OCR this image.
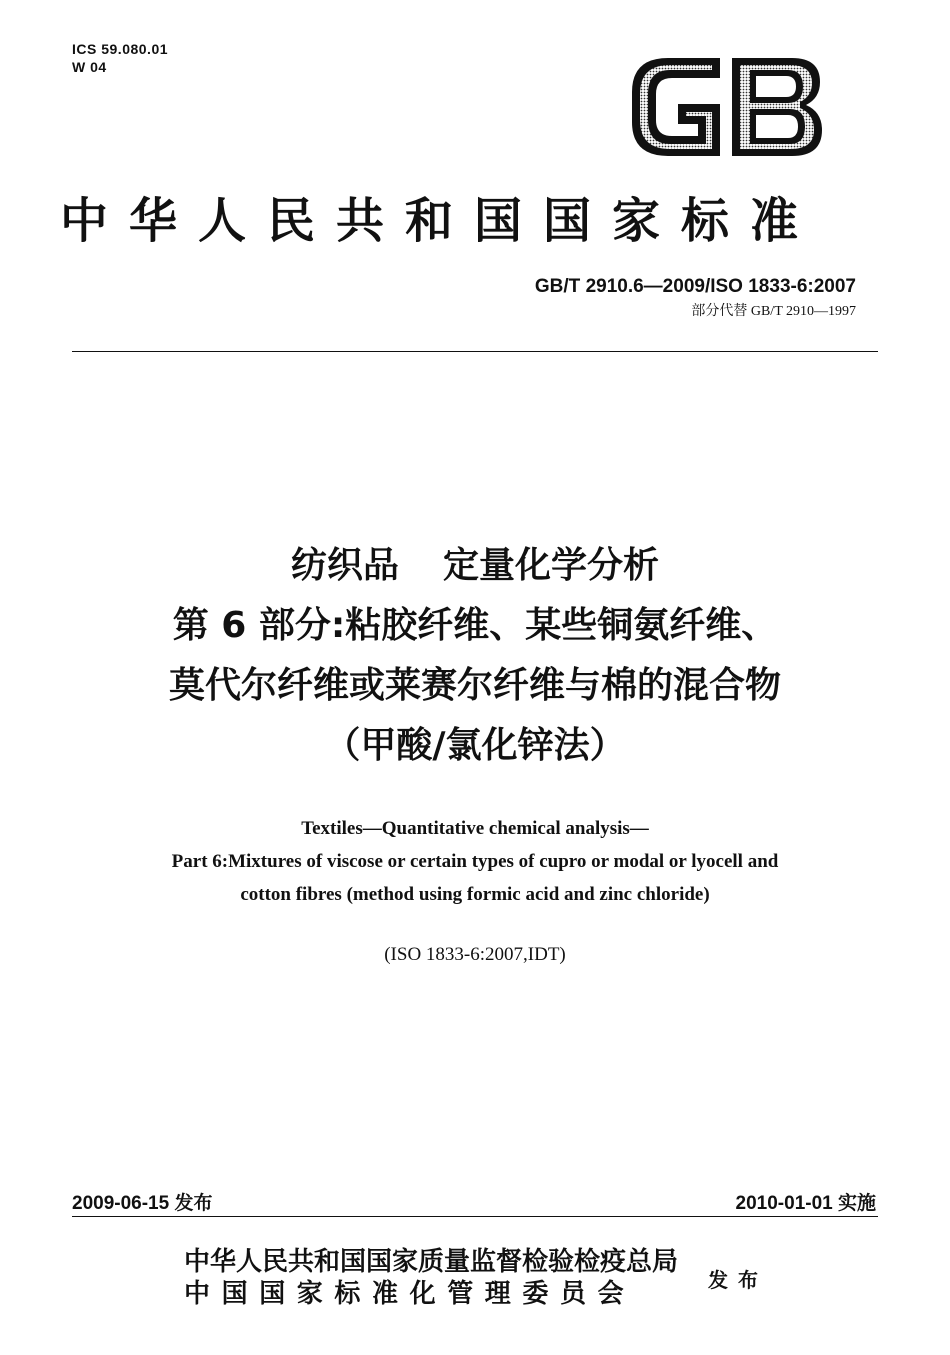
ICS 59.080.01
W 04
中华人民共和国国家标准
GB/T 2910.6—2009/ISO 1833-6:2007
部分代替 GB/T 2910—1997
纺织品 定量化学分析
第 6 部分:粘胶纤维、某些铜氨纤维、
莫代尔纤维或莱赛尔纤维与棉的混合物
（甲酸/氯化锌法）
Textiles—Quantitative chemical analysis—
Part 6:Mixtures of viscose or certain types of cupro or modal or lyocell and
cotton fibres (method using formic acid and zinc chloride)
(ISO 1833-6:2007,IDT)
2009-06-15 发布	2010-01-01 实施
中华人民共和国国家质量监督检验检疫总局
中国国家标准化管理委员会	发布
